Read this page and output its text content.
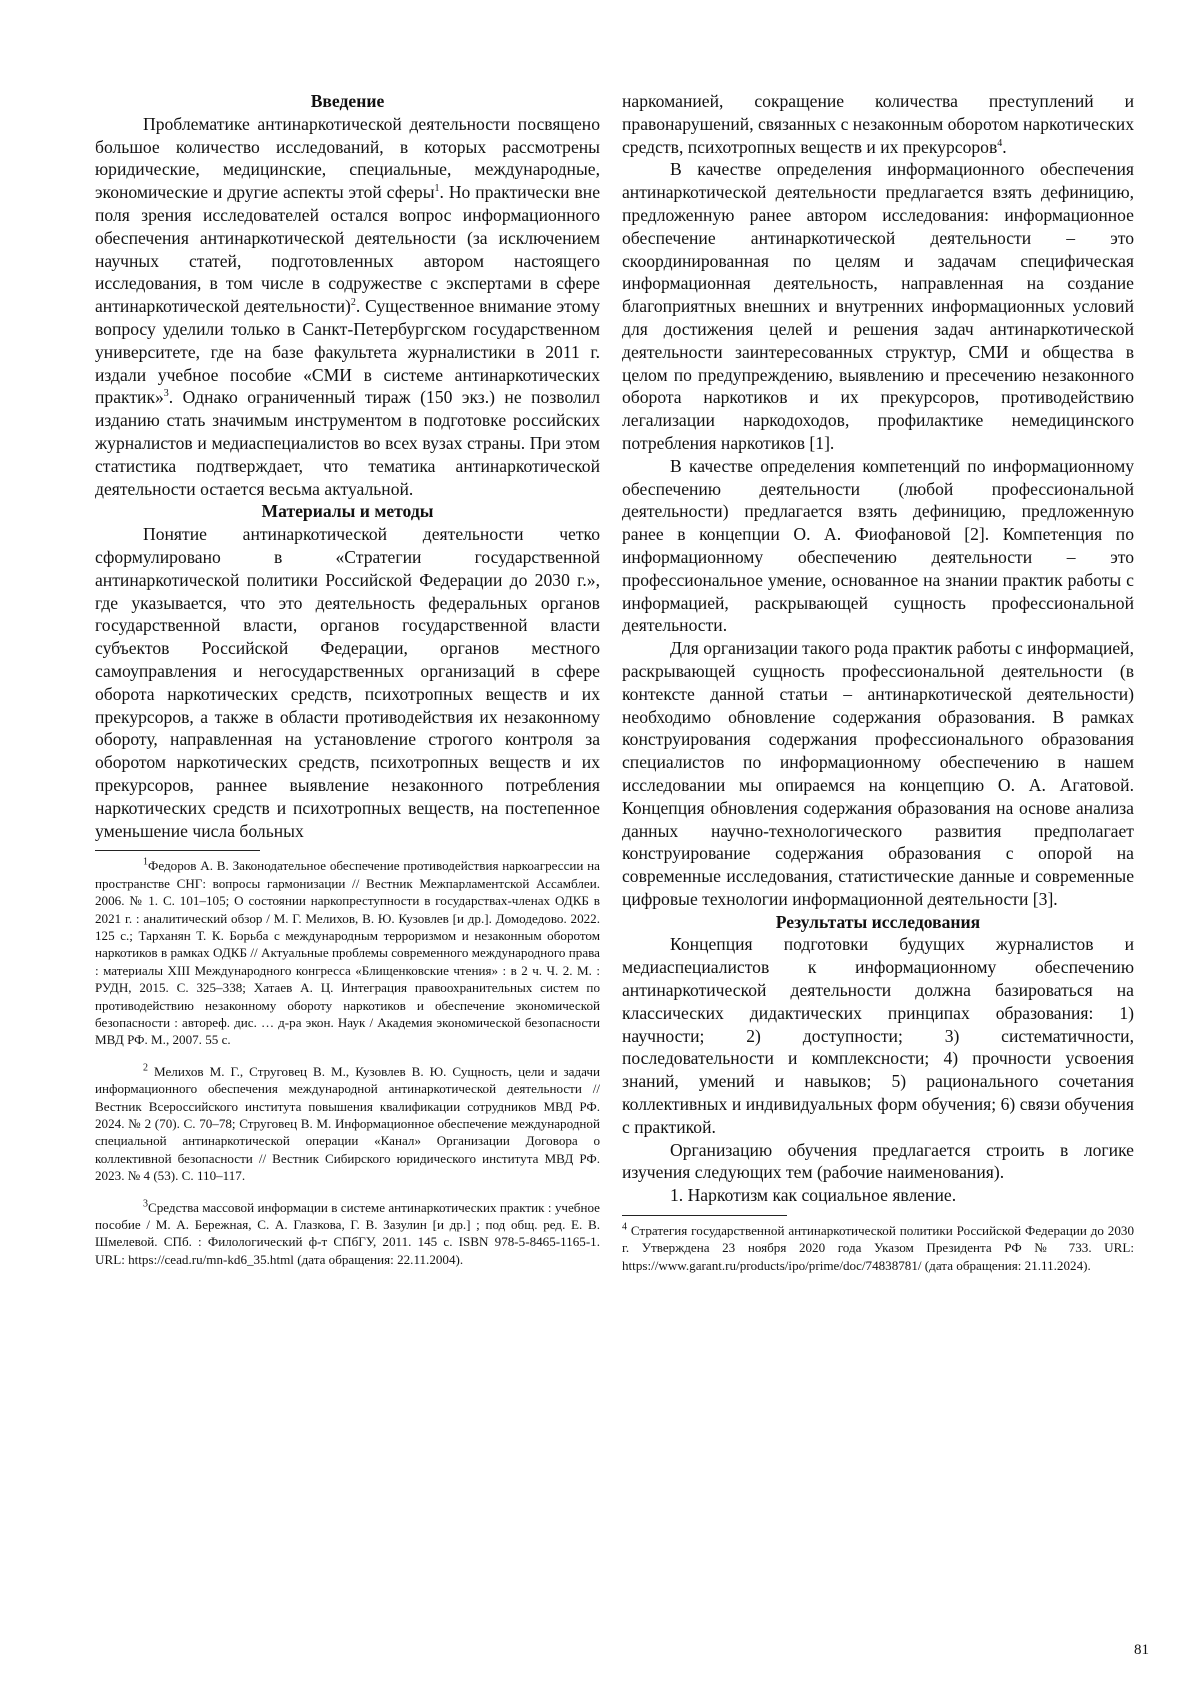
Введение

Проблематике антинаркотической деятельности посвящено большое количество исследований, в которых рассмотрены юридические, медицинские, специальные, международные, экономические и другие аспекты этой сферы$^1$. Но практически вне поля зрения исследователей остался вопрос информационного обеспечения антинаркотической деятельности (за исключением научных статей, подготовленных автором настоящего исследования, в том числе в содружестве с экспертами в сфере антинаркотической деятельности)$^2$. Существенное внимание этому вопросу уделили только в Санкт-Петербургском государственном университете, где на базе факультета журналистики в 2011 г. издали учебное пособие «СМИ в системе антинаркотических практик»$^3$. Однако ограниченный тираж (150 экз.) не позволил изданию стать значимым инструментом в подготовке российских журналистов и медиаспециалистов во всех вузах страны. При этом статистика подтверждает, что тематика антинаркотической деятельности остается весьма актуальной.

Материалы и методы

Понятие антинаркотической деятельности четко сформулировано в «Стратегии государственной антинаркотической политики Российской Федерации до 2030 г.», где указывается, что это деятельность федеральных органов государственной власти, органов государственной власти субъектов Российской Федерации, органов местного самоуправления и негосударственных организаций в сфере оборота наркотических средств, психотропных веществ и их прекурсоров, а также в области противодействия их незаконному обороту, направленная на установление строгого контроля за оборотом наркотических средств, психотропных веществ и их прекурсоров, раннее выявление незаконного потребления наркотических средств и психотропных веществ, на постепенное уменьшение числа больных

$^1$Федоров А. В. Законодательное обеспечение противодействия наркоагрессии на пространстве СНГ: вопросы гармонизации // Вестник Межпарламентской Ассамблеи. 2006. № 1. С. 101–105; О состоянии наркопреступности в государствах-членах ОДКБ в 2021 г. : аналитический обзор / М. Г. Мелихов, В. Ю. Кузовлев [и др.]. Домодедово. 2022. 125 с.; Тарханян Т. К. Борьба с международным терроризмом и незаконным оборотом наркотиков в рамках ОДКБ // Актуальные проблемы современного международного права : материалы XIII Международного конгресса «Блищенковские чтения» : в 2 ч. Ч. 2. М. : РУДН, 2015. С. 325–338; Хатаев А. Ц. Интеграция правоохранительных систем по противодействию незаконному обороту наркотиков и обеспечение экономической безопасности : автореф. дис. … д-ра экон. Наук / Академия экономической безопасности МВД РФ. М., 2007. 55 с.

$^2$ Мелихов М. Г., Струговец В. М., Кузовлев В. Ю. Сущность, цели и задачи информационного обеспечения международной антинаркотической деятельности // Вестник Всероссийского института повышения квалификации сотрудников МВД РФ. 2024. № 2 (70). С. 70–78; Струговец В. М. Информационное обеспечение международной специальной антинаркотической операции «Канал» Организации Договора о коллективной безопасности // Вестник Сибирского юридического института МВД РФ. 2023. № 4 (53). С. 110–117.

$^3$Средства массовой информации в системе антинаркотических практик : учебное пособие / М. А. Бережная, С. А. Глазкова, Г. В. Зазулин [и др.] ; под общ. ред. Е. В. Шмелевой. СПб. : Филологический ф-т СПбГУ, 2011. 145 с. ISBN 978-5-8465-1165-1. URL: https://cead.ru/mn-kd6_35.html (дата обращения: 22.11.2004).

наркоманией, сокращение количества преступлений и правонарушений, связанных с незаконным оборотом наркотических средств, психотропных веществ и их прекурсоров$^4$.

В качестве определения информационного обеспечения антинаркотической деятельности предлагается взять дефиницию, предложенную ранее автором исследования: информационное обеспечение антинаркотической деятельности – это скоординированная по целям и задачам специфическая информационная деятельность, направленная на создание благоприятных внешних и внутренних информационных условий для достижения целей и решения задач антинаркотической деятельности заинтересованных структур, СМИ и общества в целом по предупреждению, выявлению и пресечению незаконного оборота наркотиков и их прекурсоров, противодействию легализации наркодоходов, профилактике немедицинского потребления наркотиков [1].

В качестве определения компетенций по информационному обеспечению деятельности (любой профессиональной деятельности) предлагается взять дефиницию, предложенную ранее в концепции О. А. Фиофановой [2]. Компетенция по информационному обеспечению деятельности – это профессиональное умение, основанное на знании практик работы с информацией, раскрывающей сущность профессиональной деятельности.

Для организации такого рода практик работы с информацией, раскрывающей сущность профессиональной деятельности (в контексте данной статьи – антинаркотической деятельности) необходимо обновление содержания образования. В рамках конструирования содержания профессионального образования специалистов по информационному обеспечению в нашем исследовании мы опираемся на концепцию О. А. Агатовой. Концепция обновления содержания образования на основе анализа данных научно-технологического развития предполагает конструирование содержания образования с опорой на современные исследования, статистические данные и современные цифровые технологии информационной деятельности [3].

Результаты исследования

Концепция подготовки будущих журналистов и медиаспециалистов к информационному обеспечению антинаркотической деятельности должна базироваться на классических дидактических принципах образования: 1) научности; 2) доступности; 3) систематичности, последовательности и комплексности; 4) прочности усвоения знаний, умений и навыков; 5) рационального сочетания коллективных и индивидуальных форм обучения; 6) связи обучения с практикой.

Организацию обучения предлагается строить в логике изучения следующих тем (рабочие наименования).

1. Наркотизм как социальное явление.

$^4$ Стратегия государственной антинаркотической политики Российской Федерации до 2030 г. Утверждена 23 ноября 2020 года Указом Президента РФ № 733. URL: https://www.garant.ru/products/ipo/prime/doc/74838781/ (дата обращения: 21.11.2024).

81
